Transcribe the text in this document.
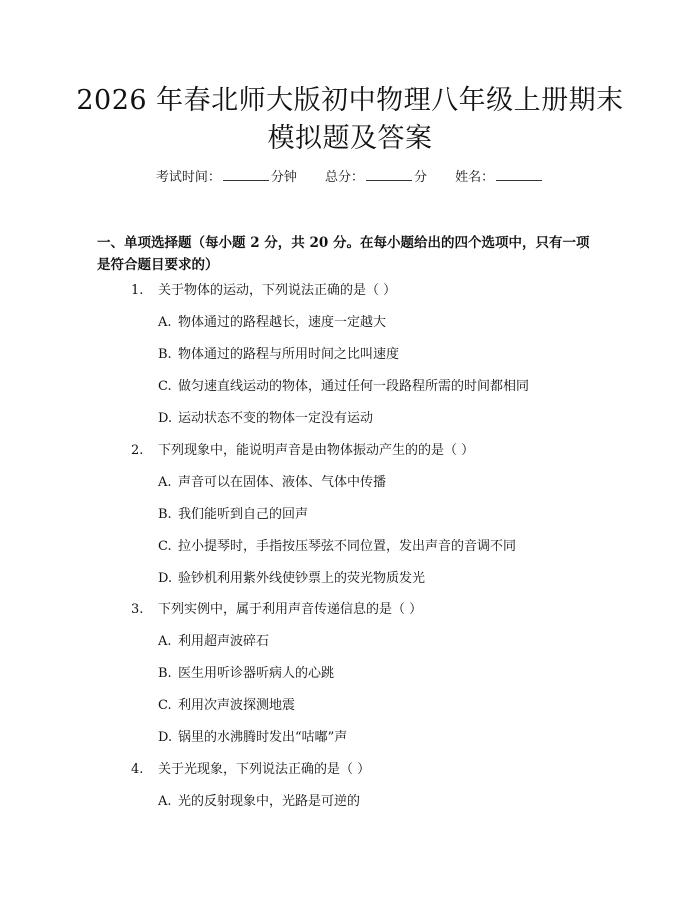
2026 年春北师大版初中物理八年级上册期末
模拟题及答案
考试时间：	分钟 总分：	分 姓名：
一、单项选择题（每小题 2 分，共 20 分。在每小题给出的四个选项中，只有一项
是符合题目要求的）
1. 关于物体的运动，下列说法正确的是（ ）
A. 物体通过的路程越长，速度一定越大
B. 物体通过的路程与所用时间之比叫速度
C. 做匀速直线运动的物体，通过任何一段路程所需的时间都相同
D. 运动状态不变的物体一定没有运动
2. 下列现象中，能说明声音是由物体振动产生的的是（ ）
A. 声音可以在固体、液体、气体中传播
B. 我们能听到自己的回声
C. 拉小提琴时，手指按压琴弦不同位置，发出声音的音调不同
D. 验钞机利用紫外线使钞票上的荧光物质发光
3. 下列实例中，属于利用声音传递信息的是（ ）
A. 利用超声波碎石
B. 医生用听诊器听病人的心跳
C. 利用次声波探测地震
D. 锅里的水沸腾时发出“咕嘟”声
4. 关于光现象，下列说法正确的是（ ）
A. 光的反射现象中，光路是可逆的
